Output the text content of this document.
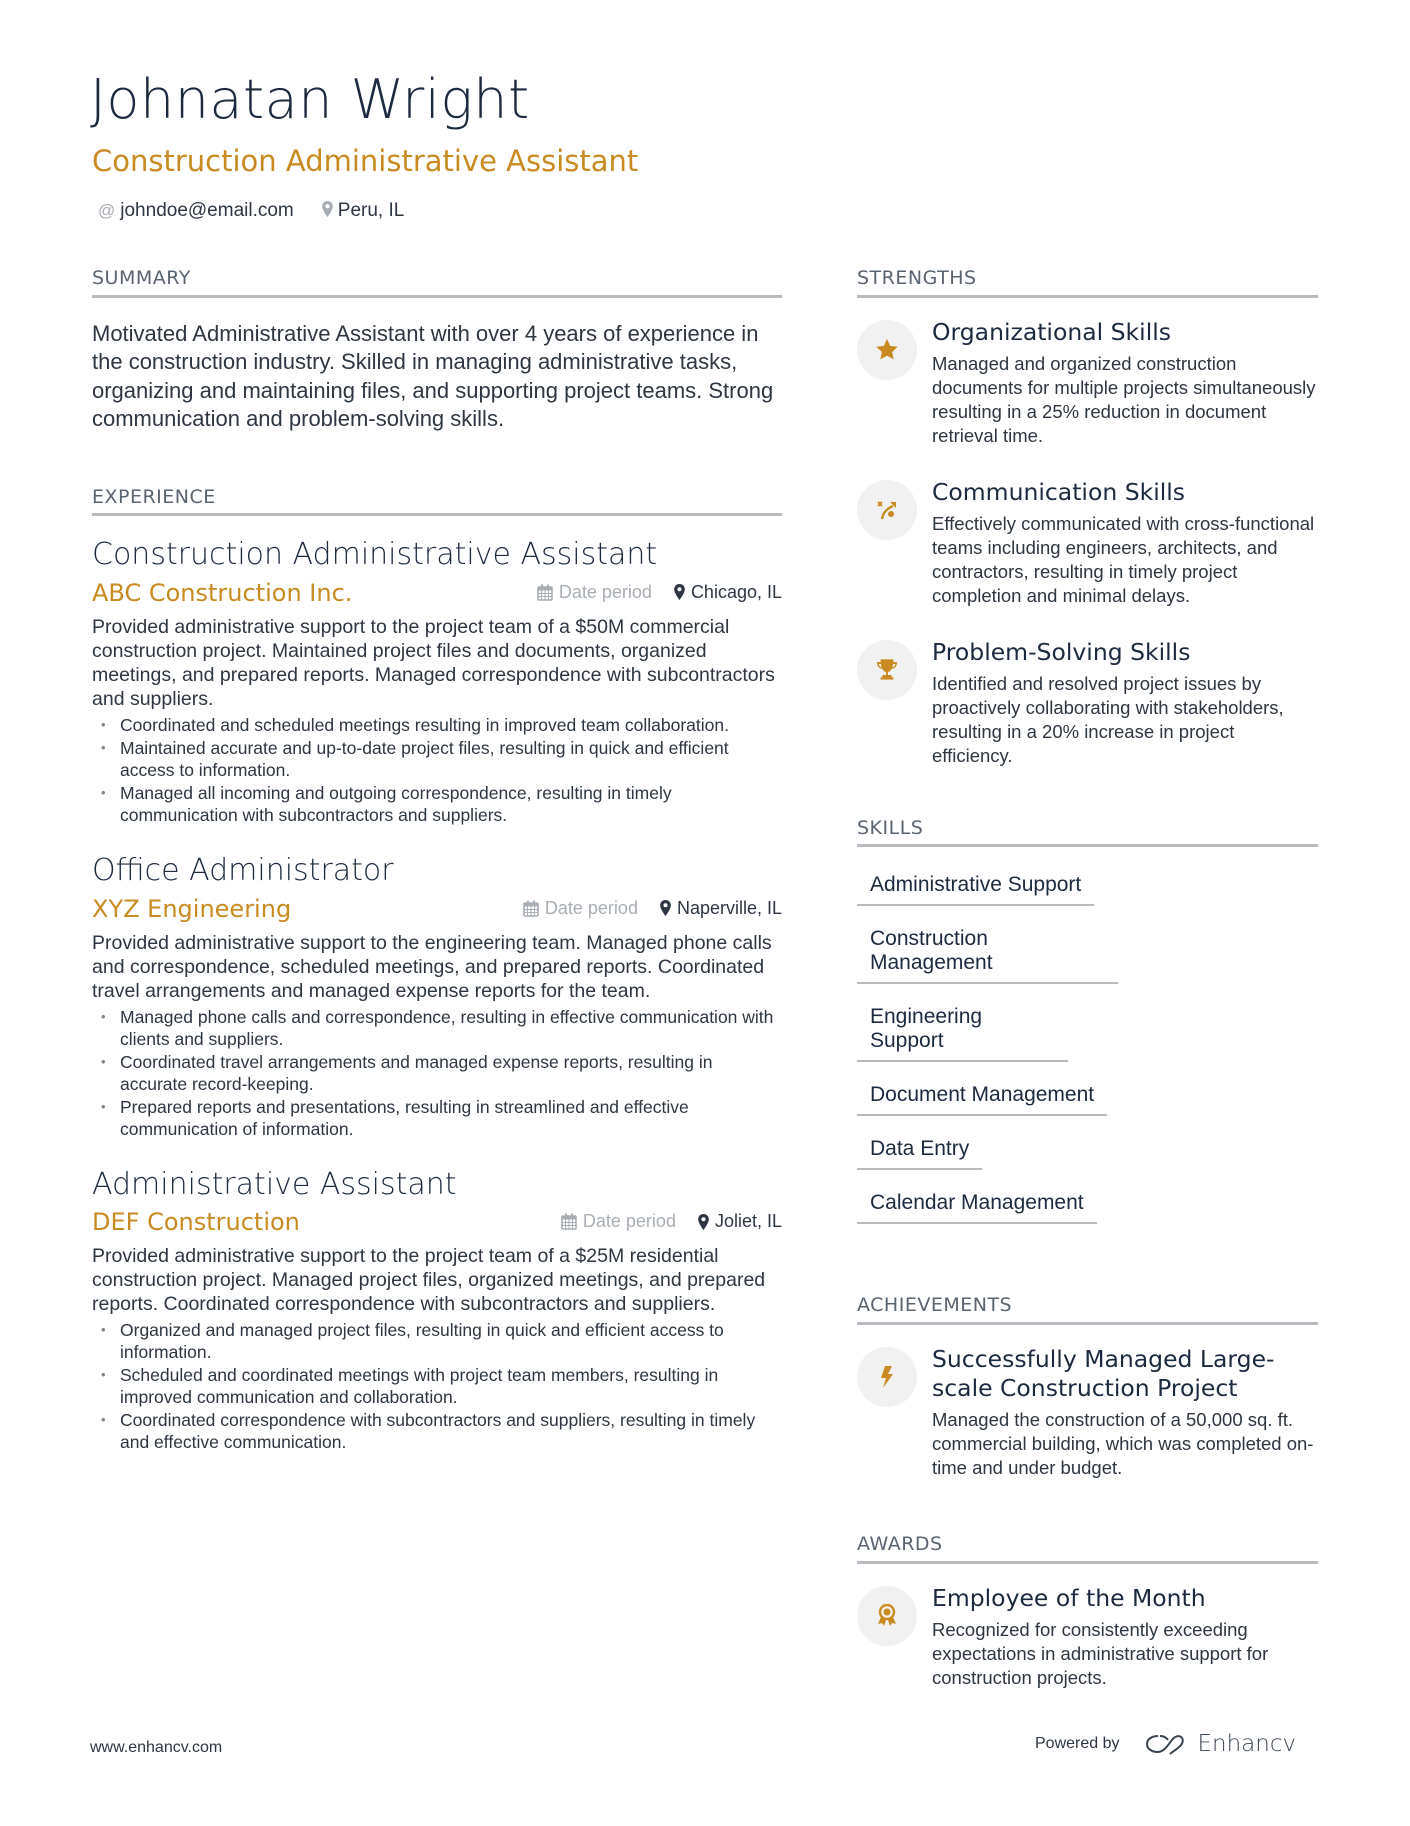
Johnatan Wright
Construction Administrative Assistant
@ johndoe@email.com Peru, IL
SUMMARY

Motivated Administrative Assistant with over 4 years of experience in the construction industry. Skilled in managing administrative tasks, organizing and maintaining files, and supporting project teams. Strong communication and problem-solving skills.

EXPERIENCE
Construction Administrative Assistant
ABC Construction Inc.	Date period Chicago, IL

Provided administrative support to the project team of a $50M commercial construction project. Maintained project files and documents, organized meetings, and prepared reports. Managed correspondence with subcontractors and suppliers.

• Coordinated and scheduled meetings resulting in improved team collaboration.
• Maintained accurate and up-to-date project files, resulting in quick and efficient access to information.
• Managed all incoming and outgoing correspondence, resulting in timely communication with subcontractors and suppliers.
Office Administrator
XYZ Engineering	Date period Naperville, IL

Provided administrative support to the engineering team. Managed phone calls and correspondence, scheduled meetings, and prepared reports. Coordinated travel arrangements and managed expense reports for the team.

• Managed phone calls and correspondence, resulting in effective communication with clients and suppliers.
• Coordinated travel arrangements and managed expense reports, resulting in accurate record-keeping.
• Prepared reports and presentations, resulting in streamlined and effective communication of information.
Administrative Assistant
DEF Construction	Date period Joliet, IL

Provided administrative support to the project team of a $25M residential construction project. Managed project files, organized meetings, and prepared reports. Coordinated correspondence with subcontractors and suppliers.

• Organized and managed project files, resulting in quick and efficient access to information.
• Scheduled and coordinated meetings with project team members, resulting in improved communication and collaboration.
• Coordinated correspondence with subcontractors and suppliers, resulting in timely and effective communication.
STRENGTHS
Organizational Skills
Managed and organized construction documents for multiple projects simultaneously resulting in a 25% reduction in document retrieval time.
Communication Skills
Effectively communicated with cross-functional teams including engineers, architects, and contractors, resulting in timely project completion and minimal delays.
Problem-Solving Skills
Identified and resolved project issues by proactively collaborating with stakeholders, resulting in a 20% increase in project efficiency.
SKILLS
Administrative Support
Construction Management
Engineering Support
Document Management
Data Entry
Calendar Management
ACHIEVEMENTS
Successfully Managed Large-scale Construction Project
Managed the construction of a 50,000 sq. ft. commercial building, which was completed on-time and under budget.
AWARDS
Employee of the Month
Recognized for consistently exceeding expectations in administrative support for construction projects.
www.enhancv.com	Powered by	Enhancv
